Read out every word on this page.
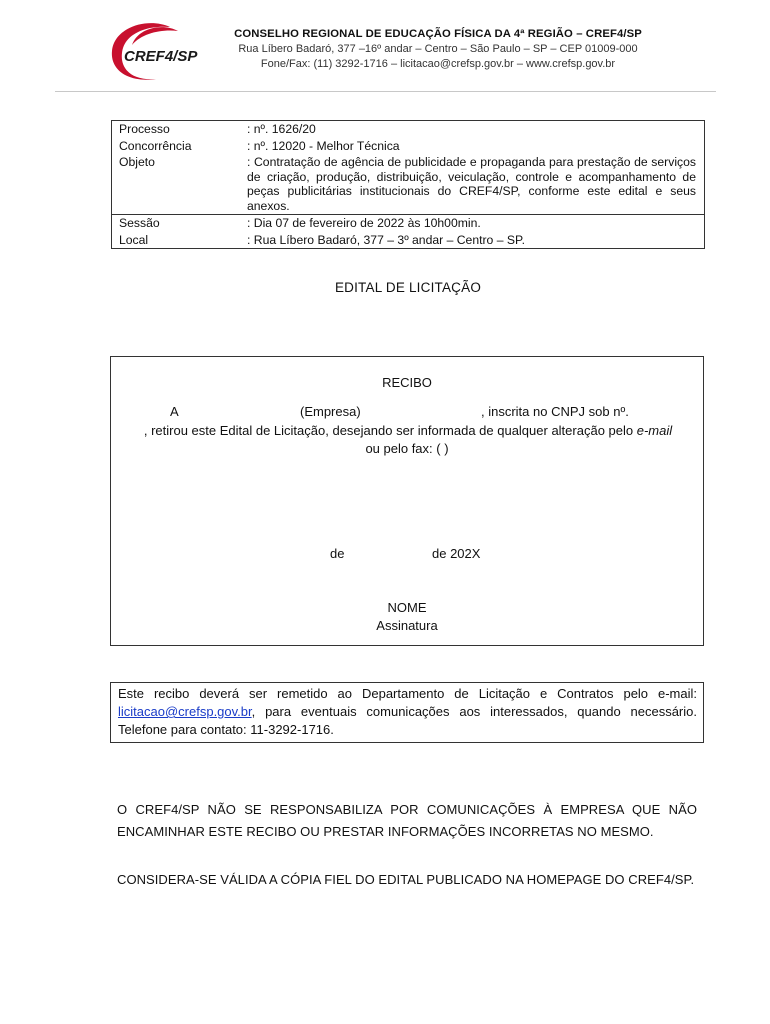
CREF4/SP
CONSELHO REGIONAL DE EDUCAÇÃO FÍSICA DA 4ª REGIÃO – CREF4/SP
Rua Líbero Badaró, 377 –16º andar – Centro – São Paulo – SP – CEP 01009-000
Fone/Fax: (11) 3292-1716 – licitacao@crefsp.gov.br – www.crefsp.gov.br
Processo	: nº. 1626/20
Concorrência	: nº. 12020 - Melhor Técnica
Objeto	: Contratação de agência de publicidade e propaganda para prestação de serviços de criação, produção, distribuição, veiculação, controle e acompanhamento de peças publicitárias institucionais do CREF4/SP, conforme este edital e seus anexos.
Sessão	: Dia 07 de fevereiro de 2022 às 10h00min.
Local	: Rua Líbero Badaró, 377 – 3º andar – Centro – SP.
EDITAL DE LICITAÇÃO
RECIBO
A	(Empresa)	, inscrita no CNPJ sob nº.
, retirou este Edital de Licitação, desejando ser informada de qualquer alteração pelo e-mail
ou pelo fax: ( )
de	de 202X
NOME
Assinatura
Este recibo deverá ser remetido ao Departamento de Licitação e Contratos pelo e-mail: licitacao@crefsp.gov.br, para eventuais comunicações aos interessados, quando necessário. Telefone para contato: 11-3292-1716.
O CREF4/SP NÃO SE RESPONSABILIZA POR COMUNICAÇÕES À EMPRESA QUE NÃO ENCAMINHAR ESTE RECIBO OU PRESTAR INFORMAÇÕES INCORRETAS NO MESMO.
CONSIDERA-SE VÁLIDA A CÓPIA FIEL DO EDITAL PUBLICADO NA HOMEPAGE DO CREF4/SP.
